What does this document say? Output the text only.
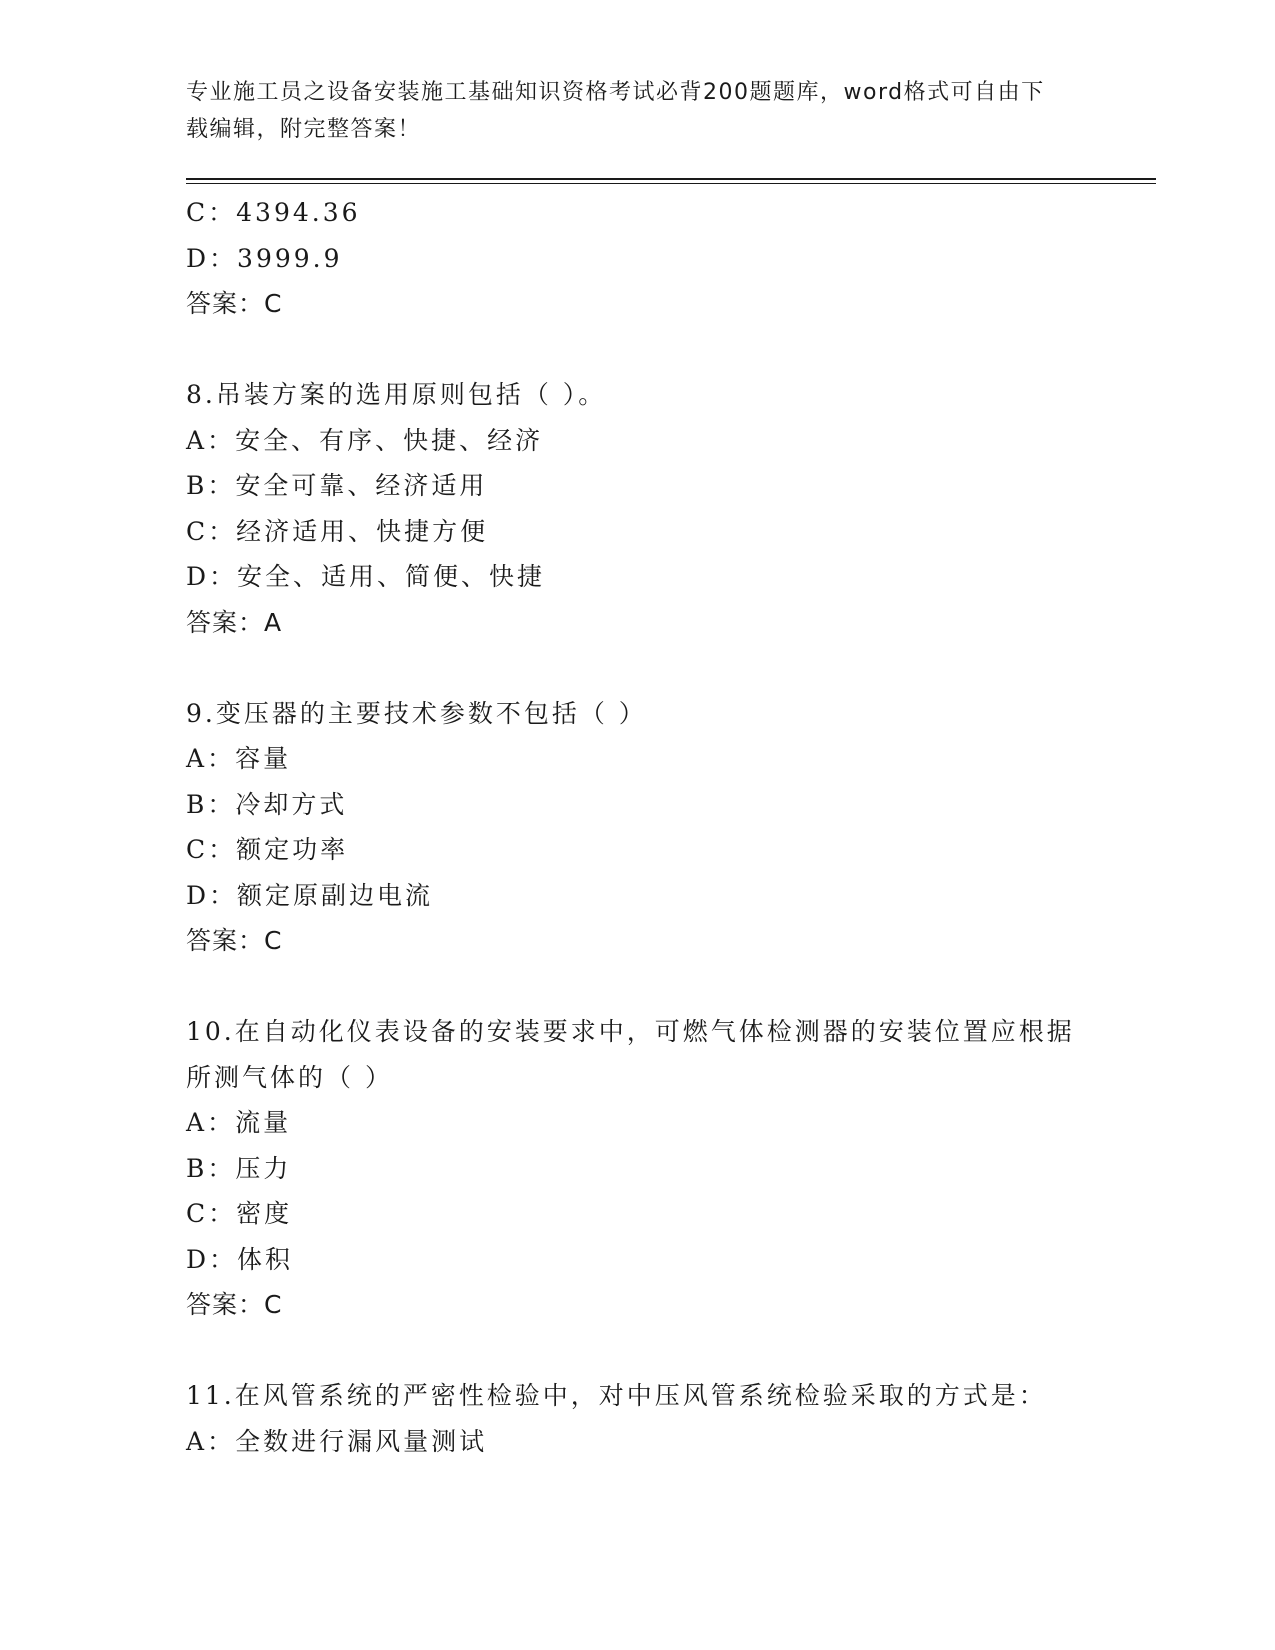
专业施工员之设备安装施工基础知识资格考试必背200题题库，word格式可自由下载编辑，附完整答案！
C：4394.36
D：3999.9
答案：C
8.吊装方案的选用原则包括（ ）。
A：安全、有序、快捷、经济
B：安全可靠、经济适用
C：经济适用、快捷方便
D：安全、适用、简便、快捷
答案：A
9.变压器的主要技术参数不包括（ ）
A：容量
B：冷却方式
C：额定功率
D：额定原副边电流
答案：C
10.在自动化仪表设备的安装要求中，可燃气体检测器的安装位置应根据所测气体的（ ）
A：流量
B：压力
C：密度
D：体积
答案：C
11.在风管系统的严密性检验中，对中压风管系统检验采取的方式是：
A：全数进行漏风量测试
